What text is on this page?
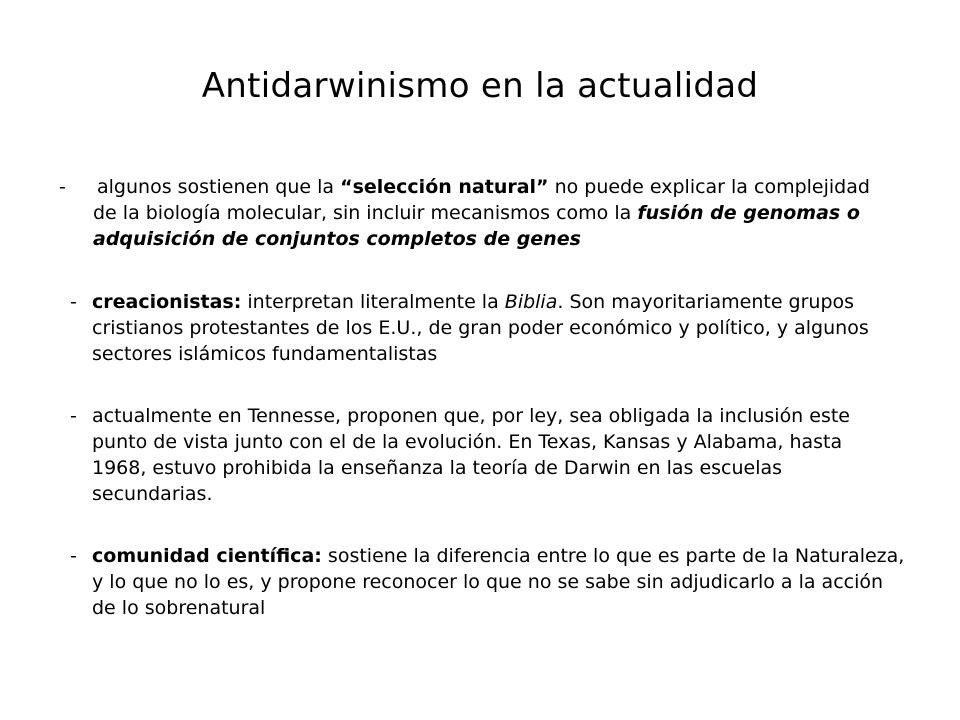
Antidarwinismo en la actualidad

- algunos sostienen que la “selección natural” no puede explicar la complejidad de la biología molecular, sin incluir mecanismos como la fusión de genomas o adquisición de conjuntos completos de genes

- creacionistas: interpretan literalmente la Biblia. Son mayoritariamente grupos cristianos protestantes de los E.U., de gran poder económico y político, y algunos sectores islámicos fundamentalistas

- actualmente en Tennesse, proponen que, por ley, sea obligada la inclusión este punto de vista junto con el de la evolución. En Texas, Kansas y Alabama, hasta 1968, estuvo prohibida la enseñanza la teoría de Darwin en las escuelas secundarias.

- comunidad científica: sostiene la diferencia entre lo que es parte de la Naturaleza, y lo que no lo es, y propone reconocer lo que no se sabe sin adjudicarlo a la acción de lo sobrenatural
